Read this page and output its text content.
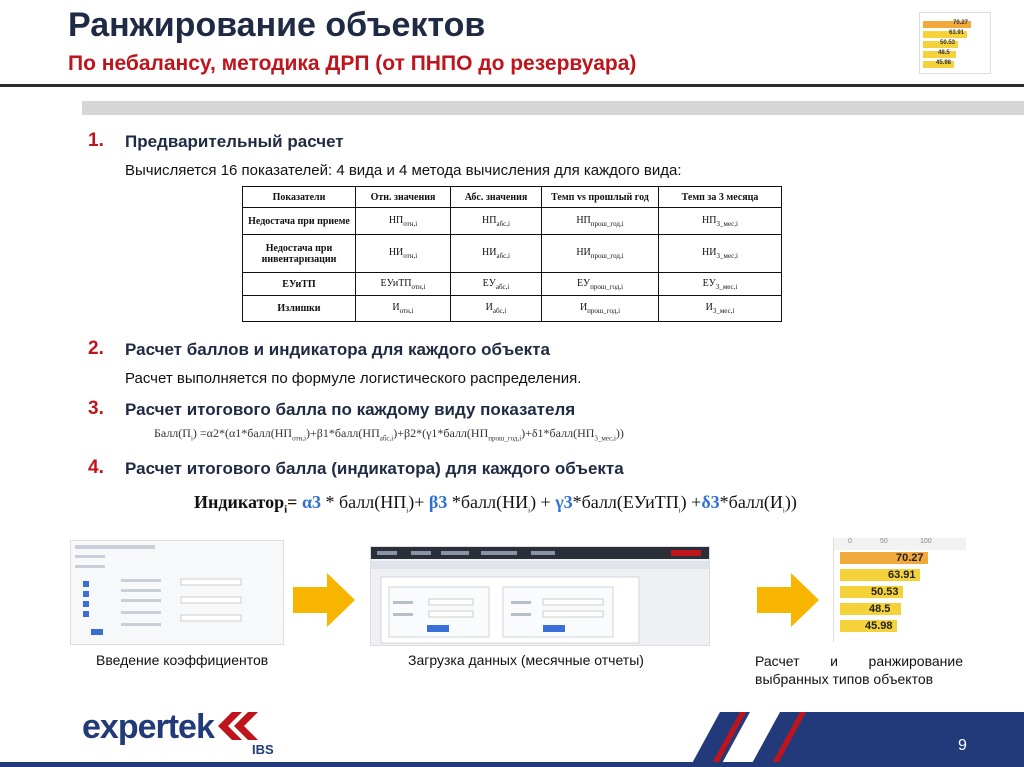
Ранжирование объектов
По небалансу, методика ДРП (от ПНПО до резервуара)
70.27
63.91
50.53
48.5
45.98
1. Предварительный расчет
Вычисляется 16 показателей: 4 вида и 4 метода вычисления для каждого вида:
Показатели	Отн. значения	Абс. значения	Темп vs прошлый год	Темп за 3 месяца
Недостача при приеме	$НП_{отн,i}$	$НП_{абс,i}$	$НП_{прош\_год,i}$	$НП_{3\_мес,i}$
Недостача при инвентаризации	$НИ_{отн,i}$	$НИ_{абс,i}$	$НИ_{прош\_год,i}$	$НИ_{3\_мес,i}$
ЕУиТП	ЕУиТП$_{отн,i}$	$ЕУ_{абс,i}$	$ЕУ_{прош\_год,i}$	$ЕУ_{3\_мес,i}$
Излишки	$И_{отн,i}$	$И_{абс,i}$	$И_{прош\_год,i}$	$И_{3\_мес,i}$
2. Расчет баллов и индикатора для каждого объекта
Расчет выполняется по формуле логистического распределения.
3. Расчет итогового балла по каждому виду показателя
$Балл(П_i)$ $=\alpha 2*(\alpha 1*балл(НП_{отн,i})+\beta 1*балл(НП_{абс,i})+\beta 2*(\gamma 1*балл(НП_{прош\_год,i})+\delta 1*балл(НП_{3\_мес,i}))$
4. Расчет итогового балла (индикатора) для каждого объекта
Индикатор$_i$= $\alpha 3 * балл(НП_i)+ \beta 3$ $*балл(НИ_i)$ + γ3*балл(ЕУиТП$_i$) $+\delta 3*балл(И_i)$)
0	50	100
70.27
63.91
50.53
48.5
45.98
Введение коэффициентов	Загрузка данных (месячные отчеты)	Расчет    и    ранжирование выбранных типов объектов
expertek
IBS	9
